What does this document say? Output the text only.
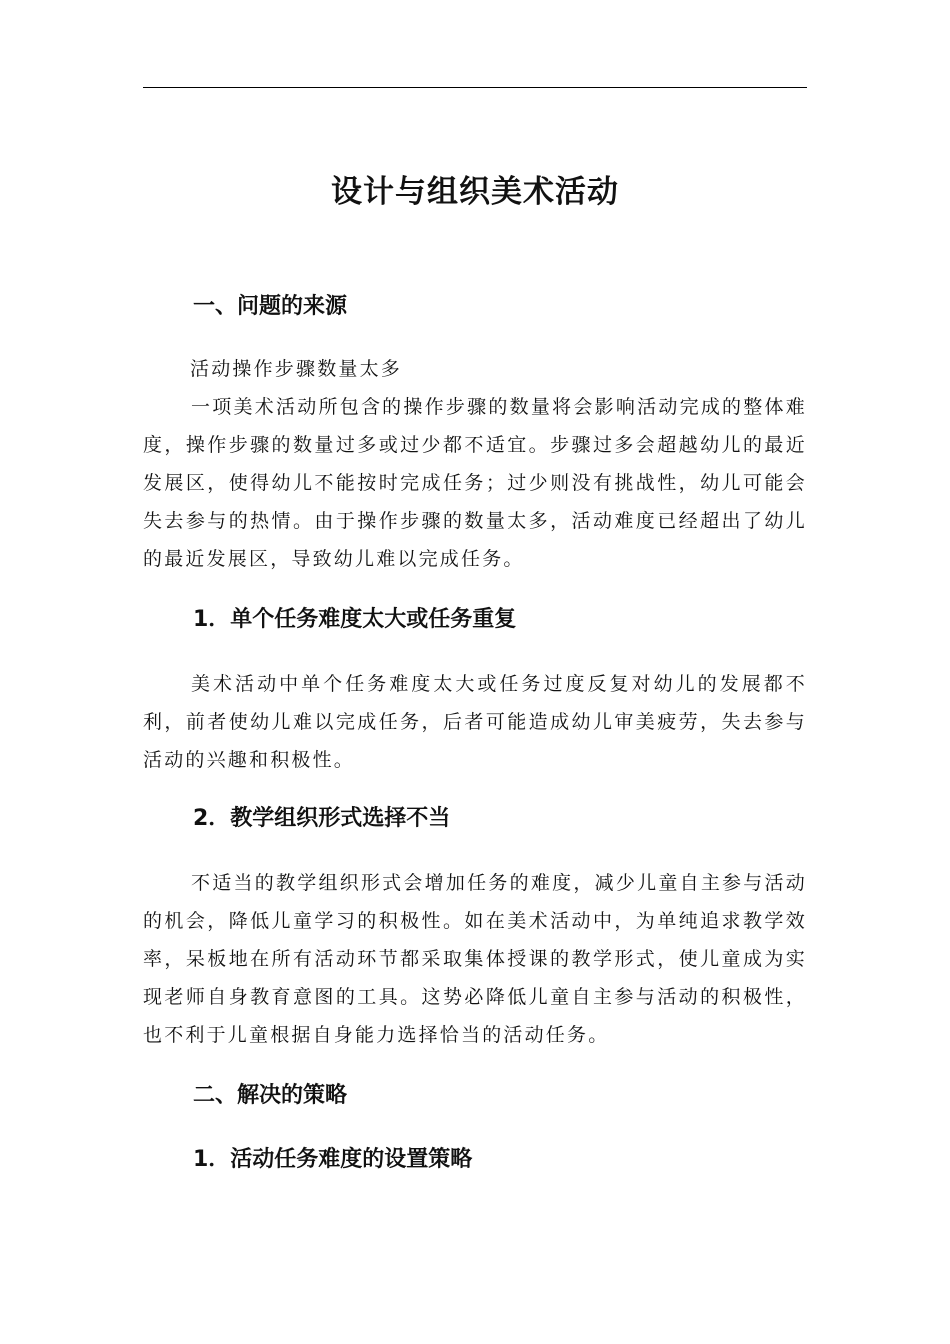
设计与组织美术活动
一、问题的来源

活动操作步骤数量太多

一项美术活动所包含的操作步骤的数量将会影响活动完成的整体难度，操作步骤的数量过多或过少都不适宜。步骤过多会超越幼儿的最近发展区，使得幼儿不能按时完成任务；过少则没有挑战性，幼儿可能会失去参与的热情。由于操作步骤的数量太多，活动难度已经超出了幼儿的最近发展区，导致幼儿难以完成任务。

1．单个任务难度太大或任务重复

美术活动中单个任务难度太大或任务过度反复对幼儿的发展都不利，前者使幼儿难以完成任务，后者可能造成幼儿审美疲劳，失去参与活动的兴趣和积极性。

2．教学组织形式选择不当

不适当的教学组织形式会增加任务的难度，减少儿童自主参与活动的机会，降低儿童学习的积极性。如在美术活动中，为单纯追求教学效率，呆板地在所有活动环节都采取集体授课的教学形式，使儿童成为实现老师自身教育意图的工具。这势必降低儿童自主参与活动的积极性，也不利于儿童根据自身能力选择恰当的活动任务。

二、解决的策略
1．活动任务难度的设置策略
